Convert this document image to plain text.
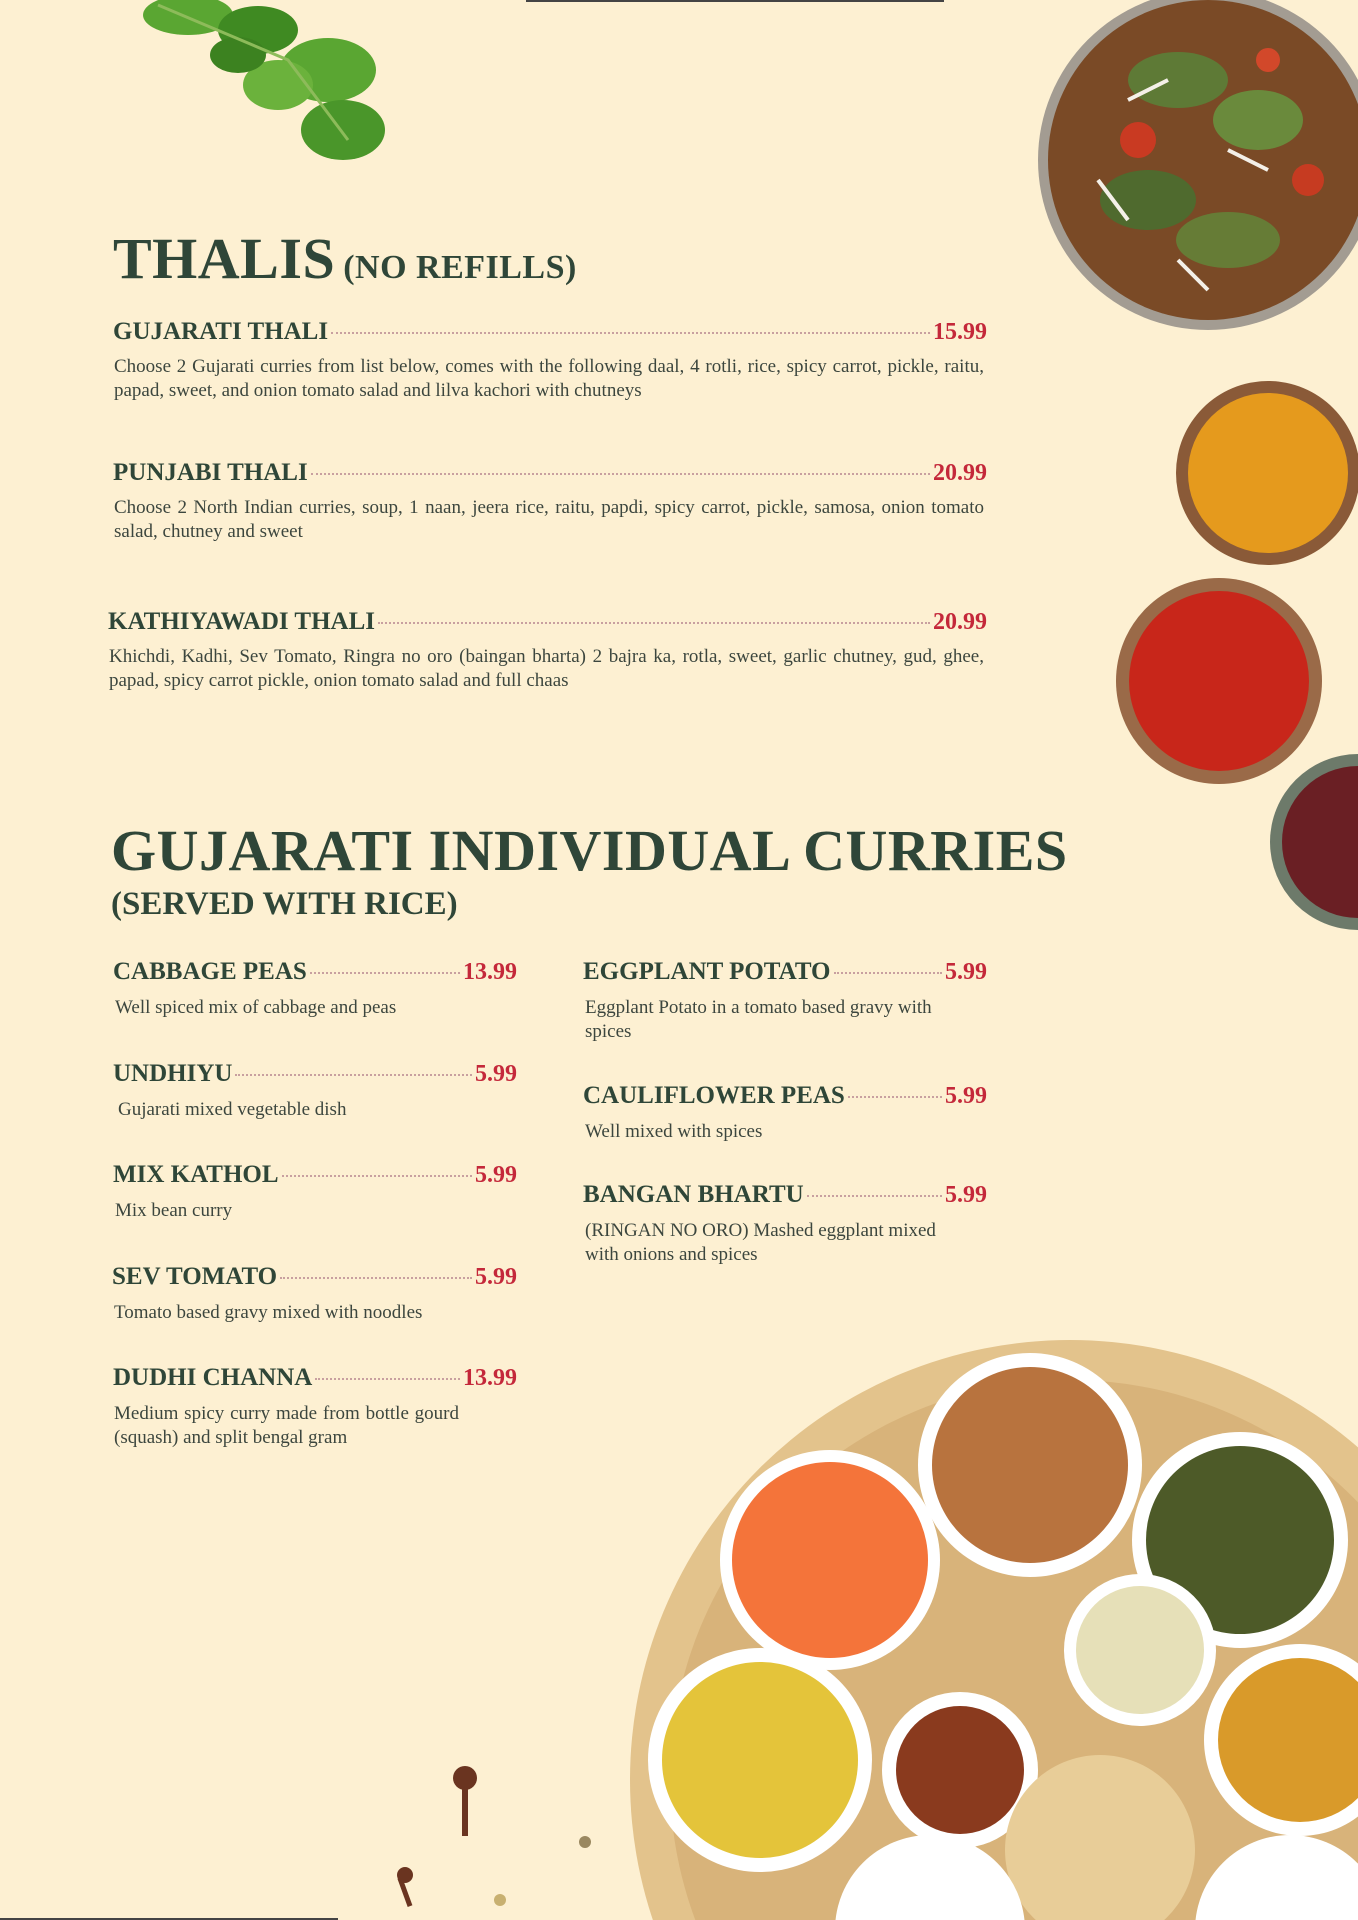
THALIS (NO REFILLS)
GUJARATI THALI	15.99

Choose 2 Gujarati curries from list below, comes with the following daal, 4 rotli, rice, spicy carrot, pickle, raitu, papad, sweet, and onion tomato salad and lilva kachori with chutneys

PUNJABI THALI	20.99

Choose 2 North Indian curries, soup, 1 naan, jeera rice, raitu, papdi, spicy carrot, pickle, samosa, onion tomato salad, chutney and sweet

KATHIYAWADI THALI	20.99

Khichdi, Kadhi, Sev Tomato, Ringra no oro (baingan bharta) 2 bajra ka, rotla, sweet, garlic chutney, gud, ghee, papad, spicy carrot pickle, onion tomato salad and full chaas

GUJARATI INDIVIDUAL CURRIES
(SERVED WITH RICE)
CABBAGE PEAS	13.99

Well spiced mix of cabbage and peas

UNDHIYU	5.99

Gujarati mixed vegetable dish

MIX KATHOL	5.99

Mix bean curry

SEV TOMATO	5.99

Tomato based gravy mixed with noodles

DUDHI CHANNA	13.99

Medium spicy curry made from bottle gourd (squash) and split bengal gram

EGGPLANT POTATO	5.99

Eggplant Potato in a tomato based gravy with spices

CAULIFLOWER PEAS	5.99

Well mixed with spices

BANGAN BHARTU	5.99

(RINGAN NO ORO) Mashed eggplant mixed with onions and spices
